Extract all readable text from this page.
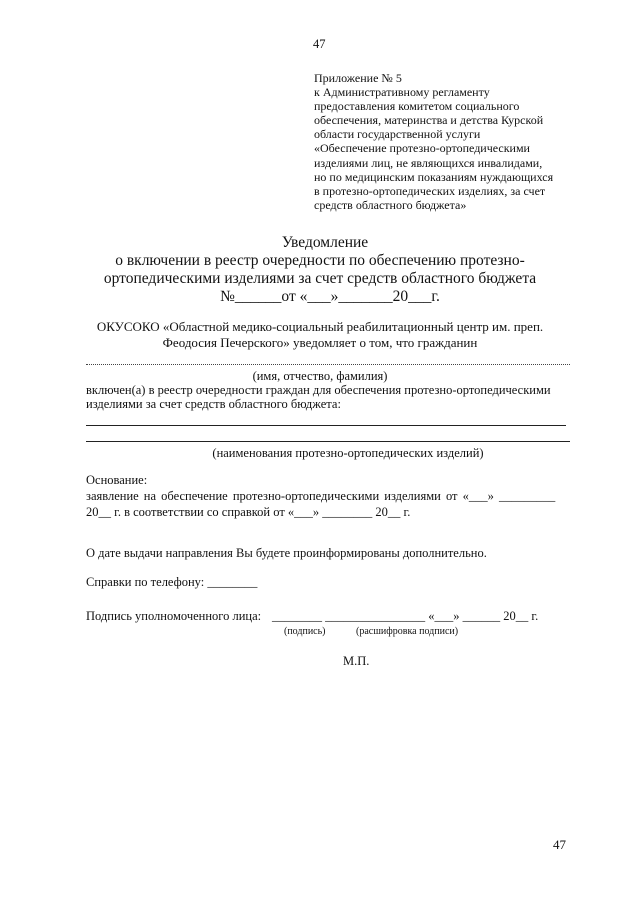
47
Приложение № 5
к Административному регламенту
предоставления комитетом социального
обеспечения, материнства и детства Курской
области государственной услуги
«Обеспечение протезно-ортопедическими
изделиями лиц, не являющихся инвалидами,
но по медицинским показаниям нуждающихся
в протезно-ортопедических изделиях, за счет
средств областного бюджета»
Уведомление
о включении в реестр очередности по обеспечению протезно-
ортопедическими изделиями за счет средств областного бюджета
№______от «___»_______20___г.
ОКУСОКО «Областной медико-социальный реабилитационный центр им. преп.
Феодосия Печерского» уведомляет о том, что гражданин
(имя, отчество, фамилия)
включен(а) в реестр очередности граждан для обеспечения протезно-ортопедическими
изделиями за счет средств областного бюджета:
(наименования протезно-ортопедических изделий)
Основание:
заявление на обеспечение протезно-ортопедическими изделиями от «___» _________
20__ г. в соответствии со справкой от «___» ________ 20__ г.
О дате выдачи направления Вы будете проинформированы дополнительно.
Справки по телефону: ________
Подпись уполномоченного лица: ________ ________________ «___» ______ 20__ г.
(подпись)	(расшифровка подписи)
М.П.
47
